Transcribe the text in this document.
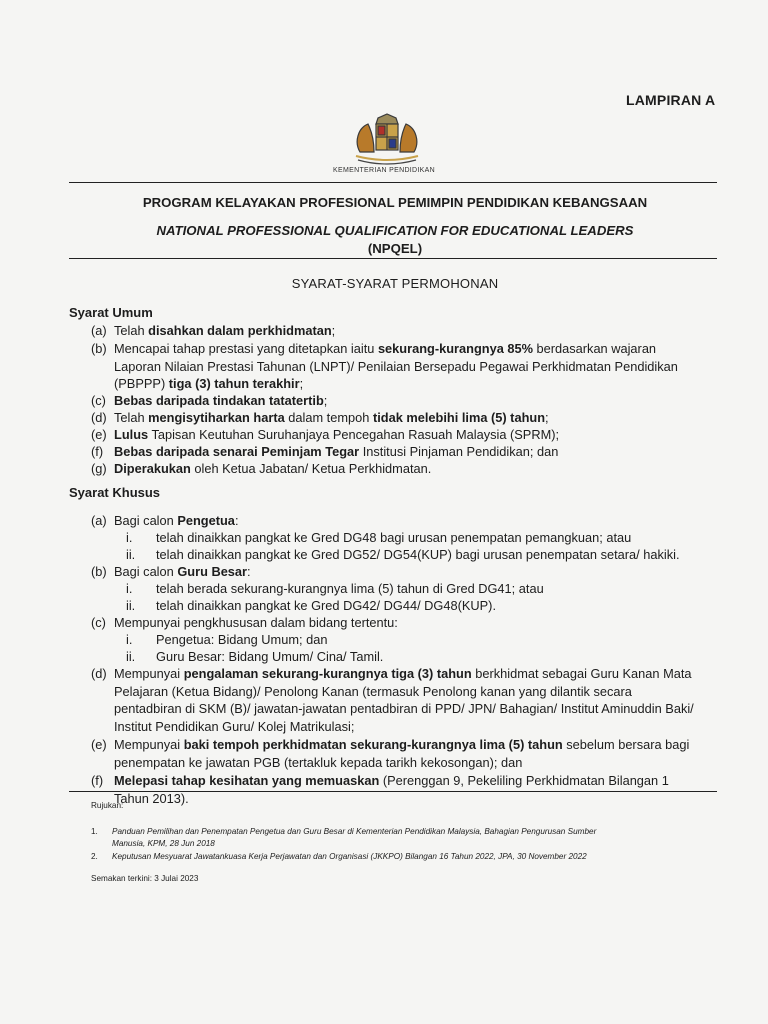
LAMPIRAN A
KEMENTERIAN PENDIDIKAN
PROGRAM KELAYAKAN PROFESIONAL PEMIMPIN PENDIDIKAN KEBANGSAAN
NATIONAL PROFESSIONAL QUALIFICATION FOR EDUCATIONAL LEADERS
(NPQEL)
SYARAT-SYARAT PERMOHONAN
Syarat Umum
(a) Telah disahkan dalam perkhidmatan;
(b) Mencapai tahap prestasi yang ditetapkan iaitu sekurang-kurangnya 85% berdasarkan wajaran
Laporan Nilaian Prestasi Tahunan (LNPT)/ Penilaian Bersepadu Pegawai Perkhidmatan Pendidikan
(PBPPP) tiga (3) tahun terakhir;
(c) Bebas daripada tindakan tatatertib;
(d) Telah mengisytiharkan harta dalam tempoh tidak melebihi lima (5) tahun;
(e) Lulus Tapisan Keutuhan Suruhanjaya Pencegahan Rasuah Malaysia (SPRM);
(f) Bebas daripada senarai Peminjam Tegar Institusi Pinjaman Pendidikan; dan
(g) Diperakukan oleh Ketua Jabatan/ Ketua Perkhidmatan.
Syarat Khusus
(a) Bagi calon Pengetua:
i. telah dinaikkan pangkat ke Gred DG48 bagi urusan penempatan pemangkuan; atau
ii. telah dinaikkan pangkat ke Gred DG52/ DG54(KUP) bagi urusan penempatan setara/ hakiki.
(b) Bagi calon Guru Besar:
i. telah berada sekurang-kurangnya lima (5) tahun di Gred DG41; atau
ii. telah dinaikkan pangkat ke Gred DG42/ DG44/ DG48(KUP).
(c) Mempunyai pengkhususan dalam bidang tertentu:
i. Pengetua: Bidang Umum; dan
ii. Guru Besar: Bidang Umum/ Cina/ Tamil.
(d) Mempunyai pengalaman sekurang-kurangnya tiga (3) tahun berkhidmat sebagai Guru Kanan Mata
Pelajaran (Ketua Bidang)/ Penolong Kanan (termasuk Penolong kanan yang dilantik secara
pentadbiran di SKM (B)/ jawatan-jawatan pentadbiran di PPD/ JPN/ Bahagian/ Institut Aminuddin Baki/
Institut Pendidikan Guru/ Kolej Matrikulasi;
(e) Mempunyai baki tempoh perkhidmatan sekurang-kurangnya lima (5) tahun sebelum bersara bagi
penempatan ke jawatan PGB (tertakluk kepada tarikh kekosongan); dan
(f) Melepasi tahap kesihatan yang memuaskan (Perenggan 9, Pekeliling Perkhidmatan Bilangan 1
Tahun 2013).
Rujukan:
1. Panduan Pemilihan dan Penempatan Pengetua dan Guru Besar di Kementerian Pendidikan Malaysia, Bahagian Pengurusan Sumber
Manusia, KPM, 28 Jun 2018
2. Keputusan Mesyuarat Jawatankuasa Kerja Perjawatan dan Organisasi (JKKPO) Bilangan 16 Tahun 2022, JPA, 30 November 2022
Semakan terkini: 3 Julai 2023
